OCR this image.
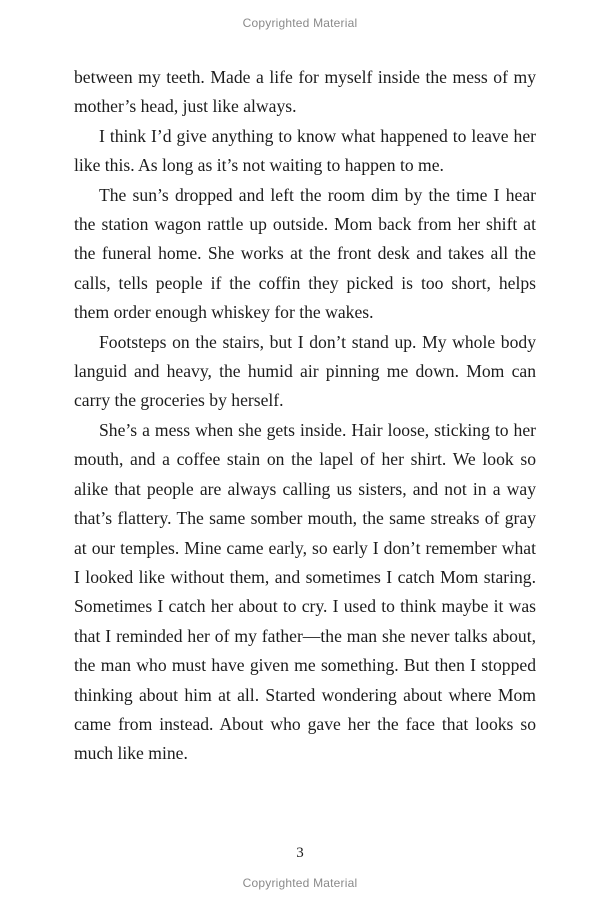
Copyrighted Material

between my teeth. Made a life for myself inside the mess of my mother’s head, just like always.

I think I’d give anything to know what happened to leave her like this. As long as it’s not waiting to happen to me.

The sun’s dropped and left the room dim by the time I hear the station wagon rattle up outside. Mom back from her shift at the funeral home. She works at the front desk and takes all the calls, tells people if the coffin they picked is too short, helps them order enough whiskey for the wakes.

Footsteps on the stairs, but I don’t stand up. My whole body languid and heavy, the humid air pinning me down. Mom can carry the groceries by herself.

She’s a mess when she gets inside. Hair loose, sticking to her mouth, and a coffee stain on the lapel of her shirt. We look so alike that people are always calling us sisters, and not in a way that’s flattery. The same somber mouth, the same streaks of gray at our temples. Mine came early, so early I don’t remember what I looked like without them, and sometimes I catch Mom staring. Sometimes I catch her about to cry. I used to think maybe it was that I reminded her of my father—the man she never talks about, the man who must have given me something. But then I stopped thinking about him at all. Started wondering about where Mom came from instead. About who gave her the face that looks so much like mine.

3
Copyrighted Material
